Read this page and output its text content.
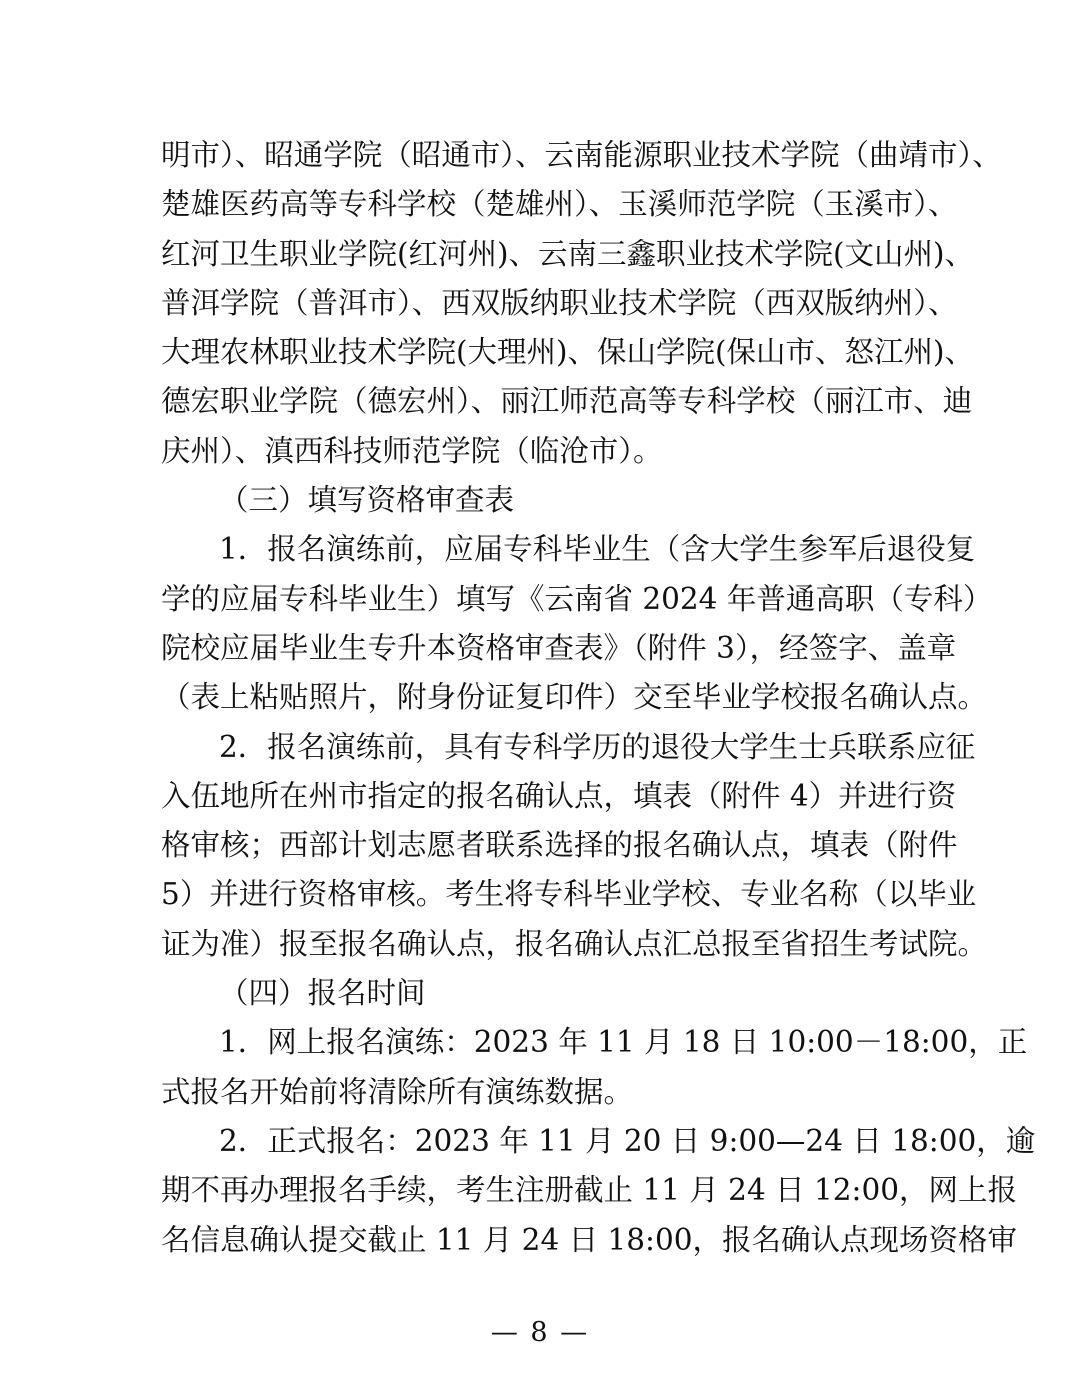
明市）、昭通学院（昭通市）、云南能源职业技术学院（曲靖市）、
楚雄医药高等专科学校（楚雄州）、玉溪师范学院（玉溪市）、
红河卫生职业学院(红河州)、云南三鑫职业技术学院(文山州)、
普洱学院（普洱市）、西双版纳职业技术学院（西双版纳州）、
大理农林职业技术学院(大理州)、保山学院(保山市、怒江州)、
德宏职业学院（德宏州）、丽江师范高等专科学校（丽江市、迪
庆州）、滇西科技师范学院（临沧市）。
（三）填写资格审查表
1．报名演练前，应届专科毕业生（含大学生参军后退役复
学的应届专科毕业生）填写《云南省 2024 年普通高职（专科）
院校应届毕业生专升本资格审查表》（附件 3），经签字、盖章
（表上粘贴照片，附身份证复印件）交至毕业学校报名确认点。
2．报名演练前，具有专科学历的退役大学生士兵联系应征
入伍地所在州市指定的报名确认点，填表（附件 4）并进行资
格审核；西部计划志愿者联系选择的报名确认点，填表（附件
5）并进行资格审核。考生将专科毕业学校、专业名称（以毕业
证为准）报至报名确认点，报名确认点汇总报至省招生考试院。
（四）报名时间
1．网上报名演练：2023 年 11 月 18 日 10:00－18:00，正
式报名开始前将清除所有演练数据。
2．正式报名：2023 年 11 月 20 日 9:00—24 日 18:00，逾
期不再办理报名手续，考生注册截止 11 月 24 日 12:00，网上报
名信息确认提交截止 11 月 24 日 18:00，报名确认点现场资格审
— 8 —
